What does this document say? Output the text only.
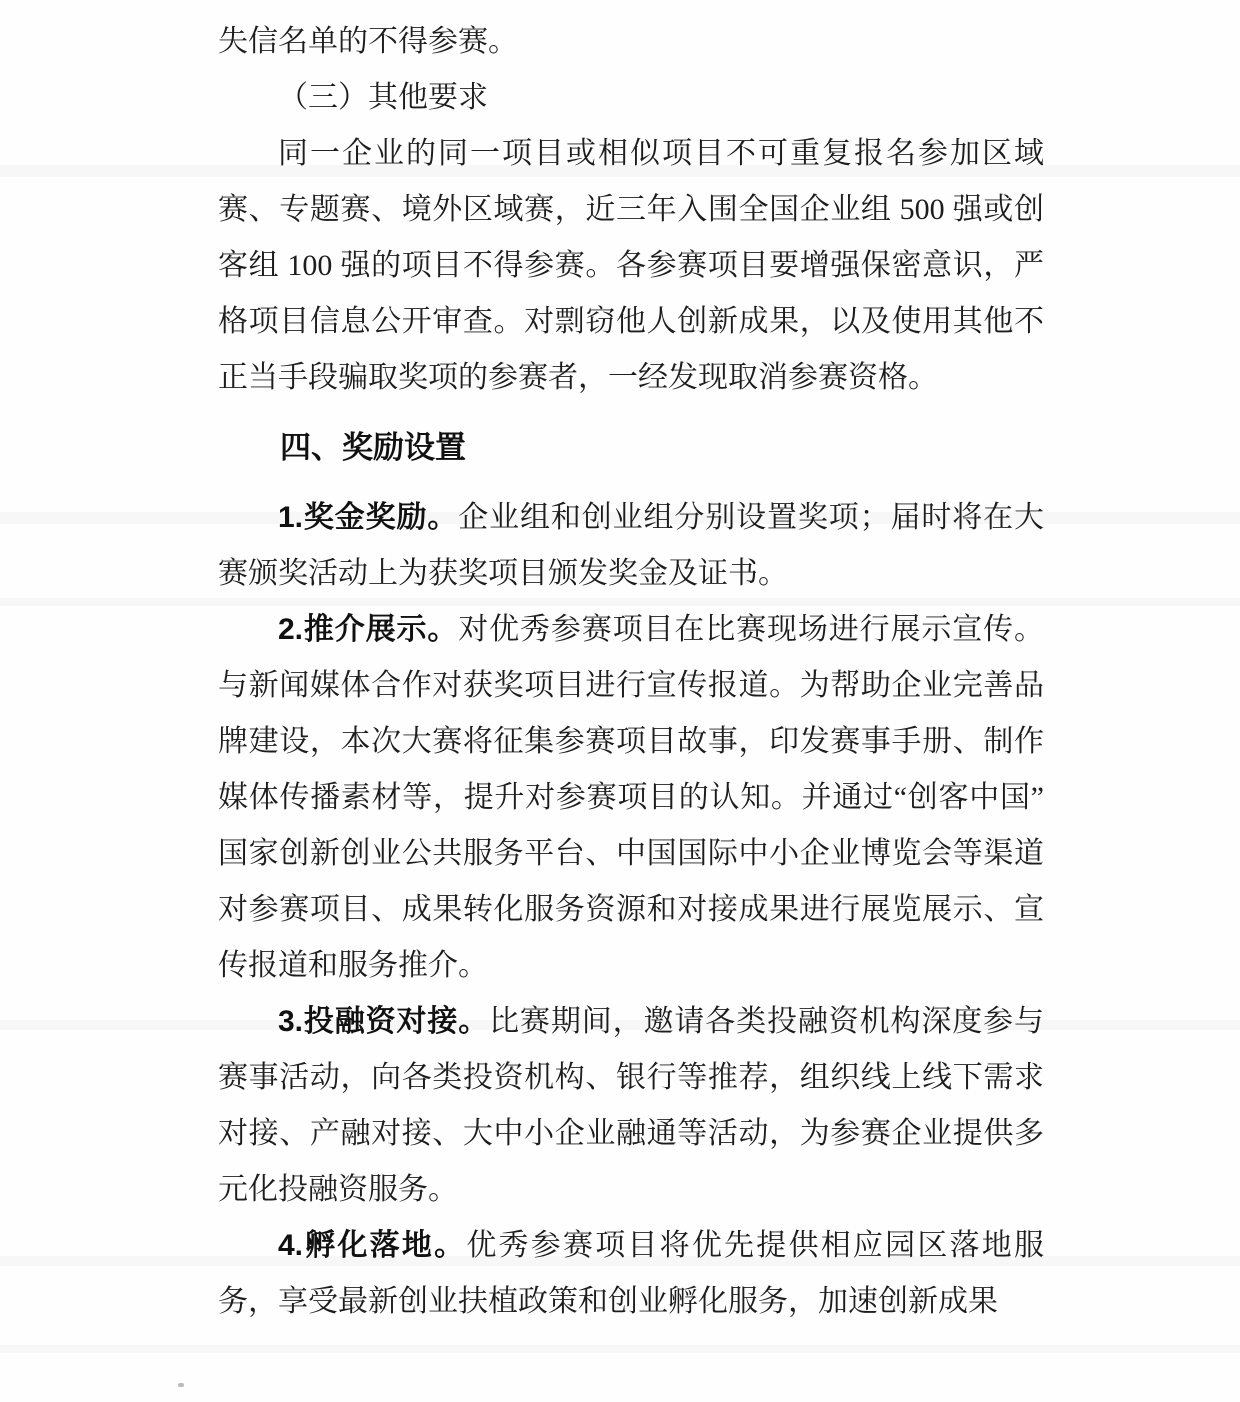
失信名单的不得参赛。

（三）其他要求

同一企业的同一项目或相似项目不可重复报名参加区域赛、专题赛、境外区域赛，近三年入围全国企业组 500 强或创客组 100 强的项目不得参赛。各参赛项目要增强保密意识，严格项目信息公开审查。对剽窃他人创新成果，以及使用其他不正当手段骗取奖项的参赛者，一经发现取消参赛资格。

四、奖励设置

1.奖金奖励。企业组和创业组分别设置奖项；届时将在大赛颁奖活动上为获奖项目颁发奖金及证书。

2.推介展示。对优秀参赛项目在比赛现场进行展示宣传。与新闻媒体合作对获奖项目进行宣传报道。为帮助企业完善品牌建设，本次大赛将征集参赛项目故事，印发赛事手册、制作媒体传播素材等，提升对参赛项目的认知。并通过“创客中国”国家创新创业公共服务平台、中国国际中小企业博览会等渠道对参赛项目、成果转化服务资源和对接成果进行展览展示、宣传报道和服务推介。

3.投融资对接。比赛期间，邀请各类投融资机构深度参与赛事活动，向各类投资机构、银行等推荐，组织线上线下需求对接、产融对接、大中小企业融通等活动，为参赛企业提供多元化投融资服务。

4.孵化落地。优秀参赛项目将优先提供相应园区落地服务，享受最新创业扶植政策和创业孵化服务，加速创新成果
